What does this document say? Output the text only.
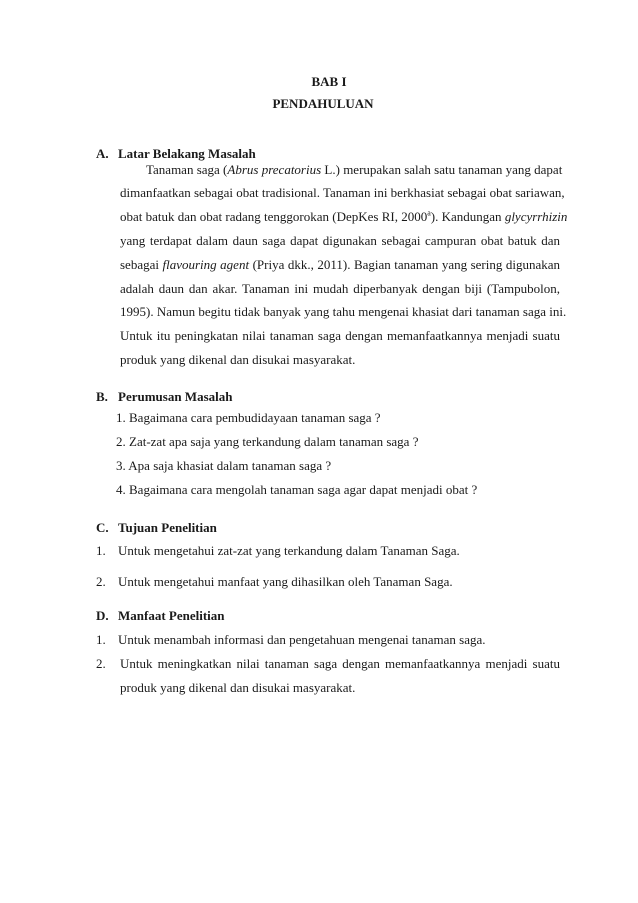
BAB I
PENDAHULUAN
A. Latar Belakang Masalah
Tanaman saga (Abrus precatorius L.) merupakan salah satu tanaman yang dapat
dimanfaatkan sebagai obat tradisional. Tanaman ini berkhasiat sebagai obat sariawan,
obat batuk dan obat radang tenggorokan (DepKes RI, 2000$^a$). Kandungan glycyrrhizin
yang terdapat dalam daun saga dapat digunakan sebagai campuran obat batuk dan
sebagai flavouring agent (Priya dkk., 2011). Bagian tanaman yang sering digunakan
adalah daun dan akar. Tanaman ini mudah diperbanyak dengan biji (Tampubolon,
1995). Namun begitu tidak banyak yang tahu mengenai khasiat dari tanaman saga ini.
Untuk itu peningkatan nilai tanaman saga dengan memanfaatkannya menjadi suatu
produk yang dikenal dan disukai masyarakat.
B. Perumusan Masalah
1. Bagaimana cara pembudidayaan tanaman saga ?
2. Zat-zat apa saja yang terkandung dalam tanaman saga ?
3. Apa saja khasiat dalam tanaman saga ?
4. Bagaimana cara mengolah tanaman saga agar dapat menjadi obat ?
C. Tujuan Penelitian
1. Untuk mengetahui zat-zat yang terkandung dalam Tanaman Saga.
2. Untuk mengetahui manfaat yang dihasilkan oleh Tanaman Saga.
D. Manfaat Penelitian
1. Untuk menambah informasi dan pengetahuan mengenai tanaman saga.
2. Untuk meningkatkan nilai tanaman saga dengan memanfaatkannya menjadi suatu
produk yang dikenal dan disukai masyarakat.
